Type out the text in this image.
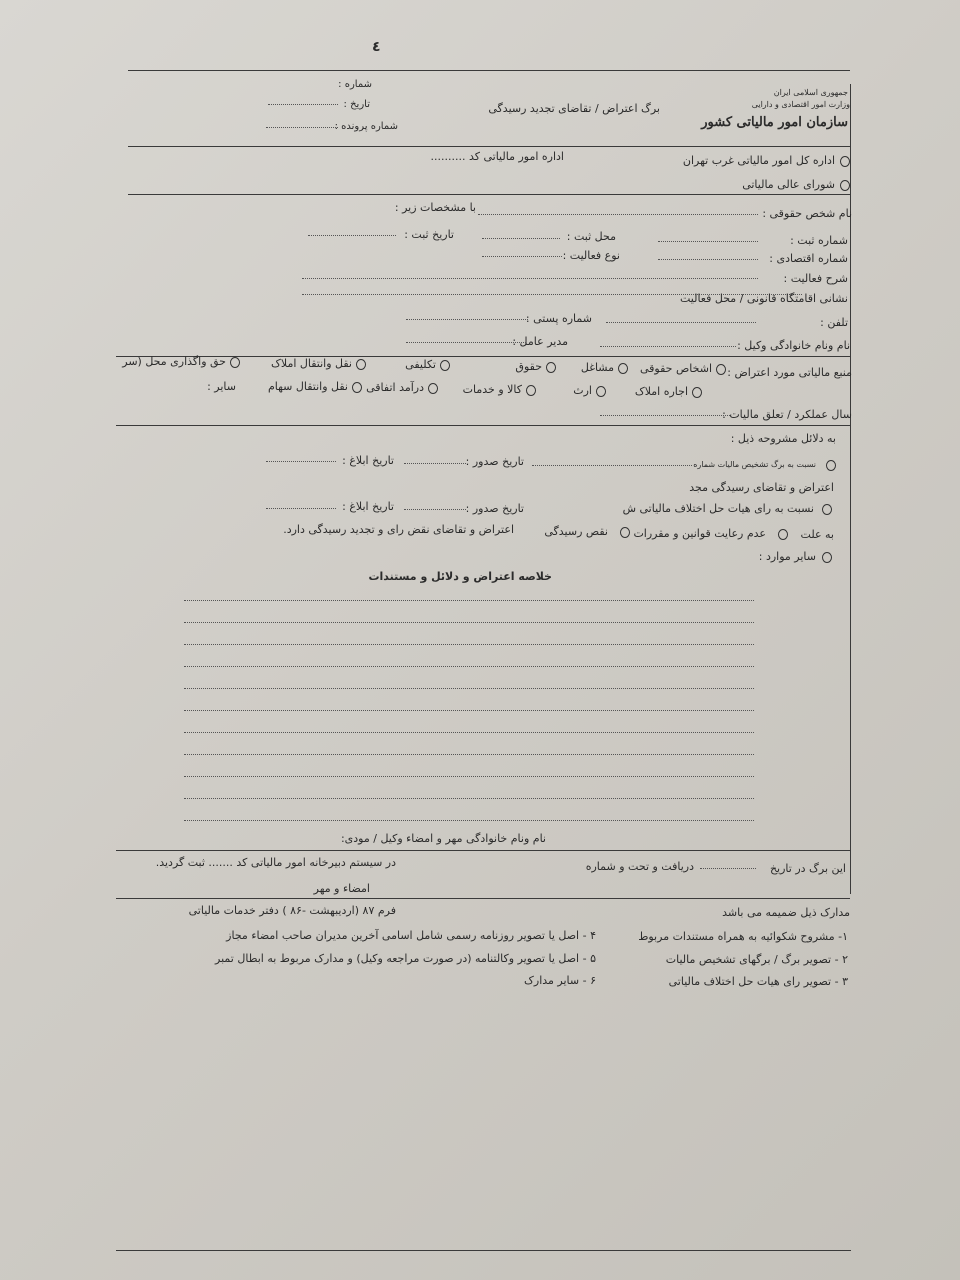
٤
جمهوری اسلامی ایران
وزارت امور اقتصادی و دارایی
سازمان امور مالیاتی کشور
برگ اعتراض / تقاضای تجدید رسیدگی
شماره :
تاریخ :
شماره پرونده :
اداره کل امور مالیاتی غرب تهران
اداره امور مالیاتی کد ..........
شورای عالی مالیاتی
نام شخص حقوقی :
با مشخصات زیر :
شماره ثبت :
محل ثبت :
تاریخ ثبت :
شماره اقتصادی :
نوع فعالیت :
شرح فعالیت :
نشانی اقامتگاه قانونی / محل فعالیت
تلفن :
شماره پستی :
نام ونام خانوادگی وکیل :
مدیر عامل :
منبع مالیاتی مورد اعتراض :
اشخاص حقوقی
مشاغل
حقوق
تکلیفی
نقل وانتقال املاک
حق واگذاری محل (سر
اجاره املاک
ارث
کالا و خدمات
درآمد اتفاقی
نقل وانتقال سهام
سایر :
سال عملکرد / تعلق مالیات :
به دلائل مشروحه ذیل :
نسبت به برگ تشخیص مالیات شماره
تاریخ صدور :
تاریخ ابلاغ :
اعتراض و تقاضای رسیدگی مجد
نسبت به رای هیات حل اختلاف مالیاتی ش
تاریخ صدور :
تاریخ ابلاغ :
به علت
عدم رعایت قوانین و مقررات
نقص رسیدگی
اعتراض و تقاضای نقض رای و تجدید رسیدگی دارد.
سایر موارد :
خلاصه اعتراض و دلائل و مستندات
نام ونام خانوادگی مهر و امضاء وکیل / مودی:
این برگ در تاریخ
دریافت و تحت و شماره
در سیستم دبیرخانه امور مالیاتی کد ....... ثبت گردید.
امضاء و مهر
مدارک ذیل ضمیمه می باشد
فرم ۸۷ (اردیبهشت -۸۶ ) دفتر خدمات مالیاتی
۱- مشروح شکوائیه به همراه مستندات مربوط
۲ - تصویر برگ / برگهای تشخیص مالیات
۳ - تصویر رای هیات حل اختلاف مالیاتی
۴ - اصل یا تصویر روزنامه رسمی شامل اسامی آخرین مدیران صاحب امضاء مجاز
۵ - اصل یا تصویر وکالتنامه (در صورت مراجعه وکیل) و مدارک مربوط به ابطال تمبر
۶ - سایر مدارک
